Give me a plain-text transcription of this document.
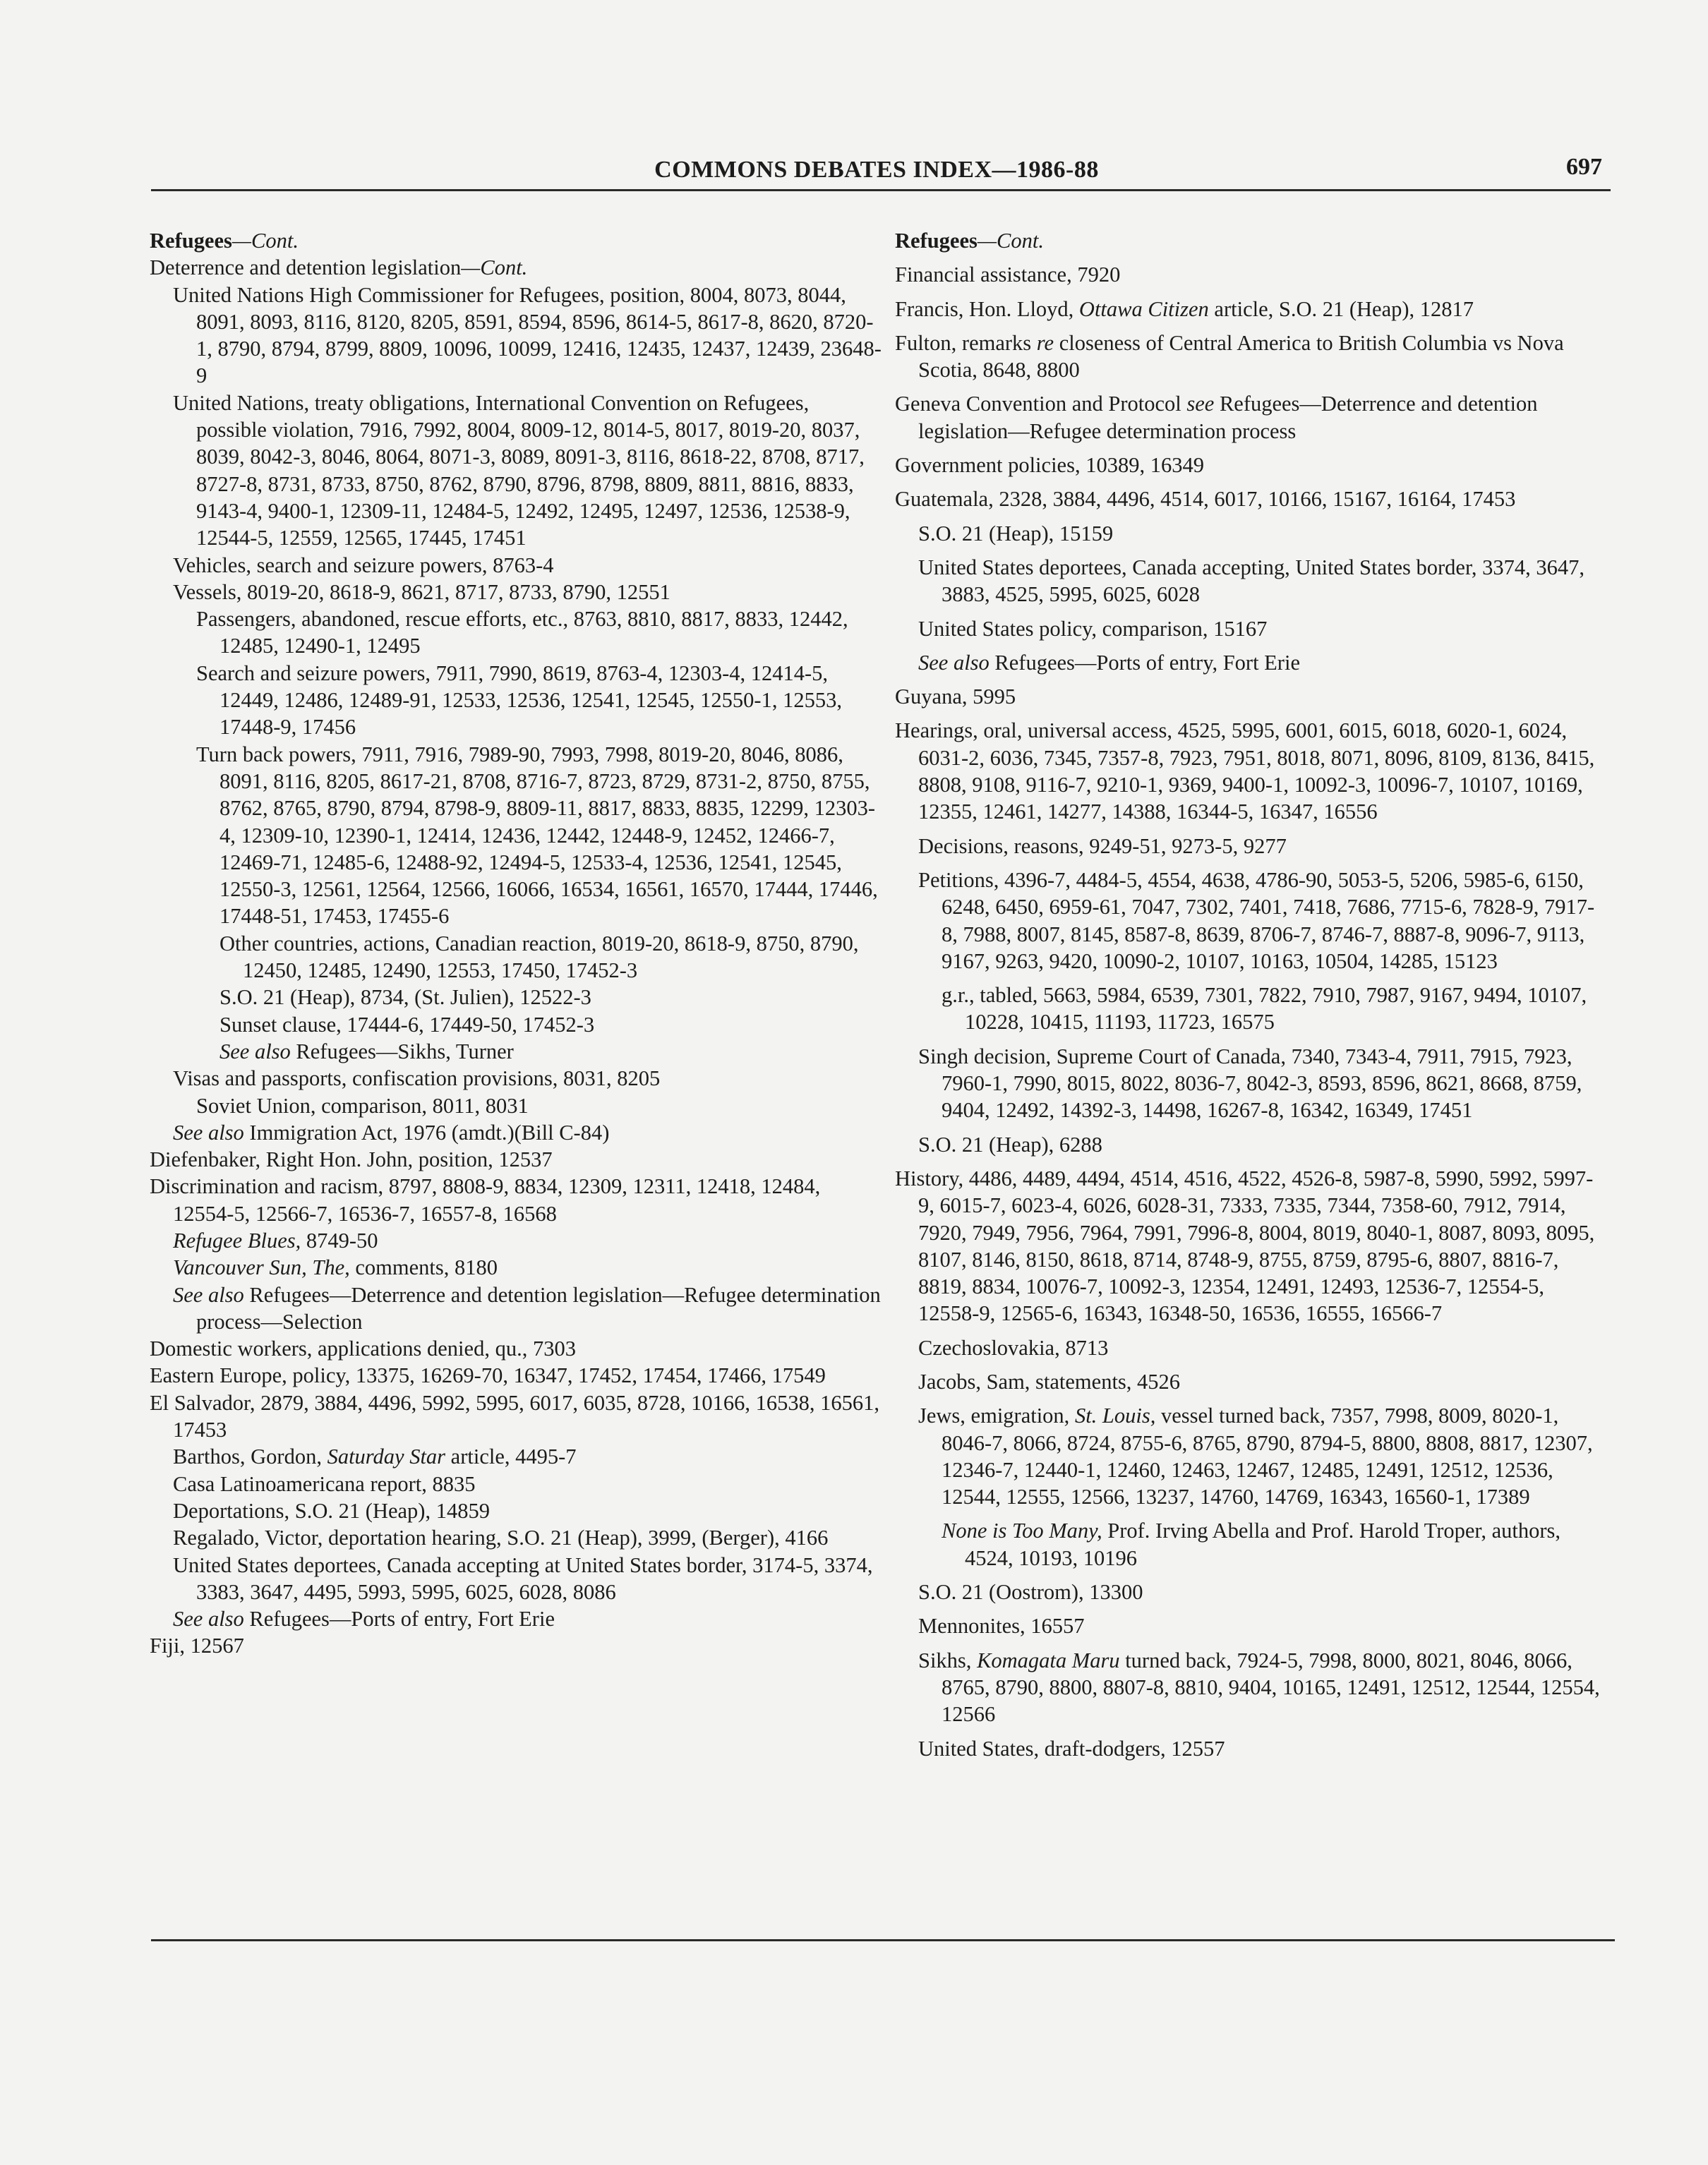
COMMONS DEBATES INDEX—1986-88	697

Refugees—Cont.

Deterrence and detention legislation—Cont.

United Nations High Commissioner for Refugees, position, 8004, 8073, 8044, 8091, 8093, 8116, 8120, 8205, 8591, 8594, 8596, 8614-5, 8617-8, 8620, 8720-1, 8790, 8794, 8799, 8809, 10096, 10099, 12416, 12435, 12437, 12439, 23648-9

United Nations, treaty obligations, International Convention on Refugees, possible violation, 7916, 7992, 8004, 8009-12, 8014-5, 8017, 8019-20, 8037, 8039, 8042-3, 8046, 8064, 8071-3, 8089, 8091-3, 8116, 8618-22, 8708, 8717, 8727-8, 8731, 8733, 8750, 8762, 8790, 8796, 8798, 8809, 8811, 8816, 8833, 9143-4, 9400-1, 12309-11, 12484-5, 12492, 12495, 12497, 12536, 12538-9, 12544-5, 12559, 12565, 17445, 17451

Vehicles, search and seizure powers, 8763-4

Vessels, 8019-20, 8618-9, 8621, 8717, 8733, 8790, 12551

Passengers, abandoned, rescue efforts, etc., 8763, 8810, 8817, 8833, 12442, 12485, 12490-1, 12495

Search and seizure powers, 7911, 7990, 8619, 8763-4, 12303-4, 12414-5, 12449, 12486, 12489-91, 12533, 12536, 12541, 12545, 12550-1, 12553, 17448-9, 17456

Turn back powers, 7911, 7916, 7989-90, 7993, 7998, 8019-20, 8046, 8086, 8091, 8116, 8205, 8617-21, 8708, 8716-7, 8723, 8729, 8731-2, 8750, 8755, 8762, 8765, 8790, 8794, 8798-9, 8809-11, 8817, 8833, 8835, 12299, 12303-4, 12309-10, 12390-1, 12414, 12436, 12442, 12448-9, 12452, 12466-7, 12469-71, 12485-6, 12488-92, 12494-5, 12533-4, 12536, 12541, 12545, 12550-3, 12561, 12564, 12566, 16066, 16534, 16561, 16570, 17444, 17446, 17448-51, 17453, 17455-6

Other countries, actions, Canadian reaction, 8019-20, 8618-9, 8750, 8790, 12450, 12485, 12490, 12553, 17450, 17452-3

S.O. 21 (Heap), 8734, (St. Julien), 12522-3

Sunset clause, 17444-6, 17449-50, 17452-3

See also Refugees—Sikhs, Turner

Visas and passports, confiscation provisions, 8031, 8205

Soviet Union, comparison, 8011, 8031

See also Immigration Act, 1976 (amdt.)(Bill C-84)

Diefenbaker, Right Hon. John, position, 12537

Discrimination and racism, 8797, 8808-9, 8834, 12309, 12311, 12418, 12484, 12554-5, 12566-7, 16536-7, 16557-8, 16568

Refugee Blues, 8749-50

Vancouver Sun, The, comments, 8180

See also Refugees—Deterrence and detention legislation—Refugee determination process—Selection

Domestic workers, applications denied, qu., 7303

Eastern Europe, policy, 13375, 16269-70, 16347, 17452, 17454, 17466, 17549

El Salvador, 2879, 3884, 4496, 5992, 5995, 6017, 6035, 8728, 10166, 16538, 16561, 17453

Barthos, Gordon, Saturday Star article, 4495-7

Casa Latinoamericana report, 8835

Deportations, S.O. 21 (Heap), 14859

Regalado, Victor, deportation hearing, S.O. 21 (Heap), 3999, (Berger), 4166

United States deportees, Canada accepting at United States border, 3174-5, 3374, 3383, 3647, 4495, 5993, 5995, 6025, 6028, 8086

See also Refugees—Ports of entry, Fort Erie

Fiji, 12567

Refugees—Cont.

Financial assistance, 7920

Francis, Hon. Lloyd, Ottawa Citizen article, S.O. 21 (Heap), 12817

Fulton, remarks re closeness of Central America to British Columbia vs Nova Scotia, 8648, 8800

Geneva Convention and Protocol see Refugees—Deterrence and detention legislation—Refugee determination process

Government policies, 10389, 16349

Guatemala, 2328, 3884, 4496, 4514, 6017, 10166, 15167, 16164, 17453

S.O. 21 (Heap), 15159

United States deportees, Canada accepting, United States border, 3374, 3647, 3883, 4525, 5995, 6025, 6028

United States policy, comparison, 15167

See also Refugees—Ports of entry, Fort Erie

Guyana, 5995

Hearings, oral, universal access, 4525, 5995, 6001, 6015, 6018, 6020-1, 6024, 6031-2, 6036, 7345, 7357-8, 7923, 7951, 8018, 8071, 8096, 8109, 8136, 8415, 8808, 9108, 9116-7, 9210-1, 9369, 9400-1, 10092-3, 10096-7, 10107, 10169, 12355, 12461, 14277, 14388, 16344-5, 16347, 16556

Decisions, reasons, 9249-51, 9273-5, 9277

Petitions, 4396-7, 4484-5, 4554, 4638, 4786-90, 5053-5, 5206, 5985-6, 6150, 6248, 6450, 6959-61, 7047, 7302, 7401, 7418, 7686, 7715-6, 7828-9, 7917-8, 7988, 8007, 8145, 8587-8, 8639, 8706-7, 8746-7, 8887-8, 9096-7, 9113, 9167, 9263, 9420, 10090-2, 10107, 10163, 10504, 14285, 15123

g.r., tabled, 5663, 5984, 6539, 7301, 7822, 7910, 7987, 9167, 9494, 10107, 10228, 10415, 11193, 11723, 16575

Singh decision, Supreme Court of Canada, 7340, 7343-4, 7911, 7915, 7923, 7960-1, 7990, 8015, 8022, 8036-7, 8042-3, 8593, 8596, 8621, 8668, 8759, 9404, 12492, 14392-3, 14498, 16267-8, 16342, 16349, 17451

S.O. 21 (Heap), 6288

History, 4486, 4489, 4494, 4514, 4516, 4522, 4526-8, 5987-8, 5990, 5992, 5997-9, 6015-7, 6023-4, 6026, 6028-31, 7333, 7335, 7344, 7358-60, 7912, 7914, 7920, 7949, 7956, 7964, 7991, 7996-8, 8004, 8019, 8040-1, 8087, 8093, 8095, 8107, 8146, 8150, 8618, 8714, 8748-9, 8755, 8759, 8795-6, 8807, 8816-7, 8819, 8834, 10076-7, 10092-3, 12354, 12491, 12493, 12536-7, 12554-5, 12558-9, 12565-6, 16343, 16348-50, 16536, 16555, 16566-7

Czechoslovakia, 8713

Jacobs, Sam, statements, 4526

Jews, emigration, St. Louis, vessel turned back, 7357, 7998, 8009, 8020-1, 8046-7, 8066, 8724, 8755-6, 8765, 8790, 8794-5, 8800, 8808, 8817, 12307, 12346-7, 12440-1, 12460, 12463, 12467, 12485, 12491, 12512, 12536, 12544, 12555, 12566, 13237, 14760, 14769, 16343, 16560-1, 17389

None is Too Many, Prof. Irving Abella and Prof. Harold Troper, authors, 4524, 10193, 10196

S.O. 21 (Oostrom), 13300

Mennonites, 16557

Sikhs, Komagata Maru turned back, 7924-5, 7998, 8000, 8021, 8046, 8066, 8765, 8790, 8800, 8807-8, 8810, 9404, 10165, 12491, 12512, 12544, 12554, 12566

United States, draft-dodgers, 12557
